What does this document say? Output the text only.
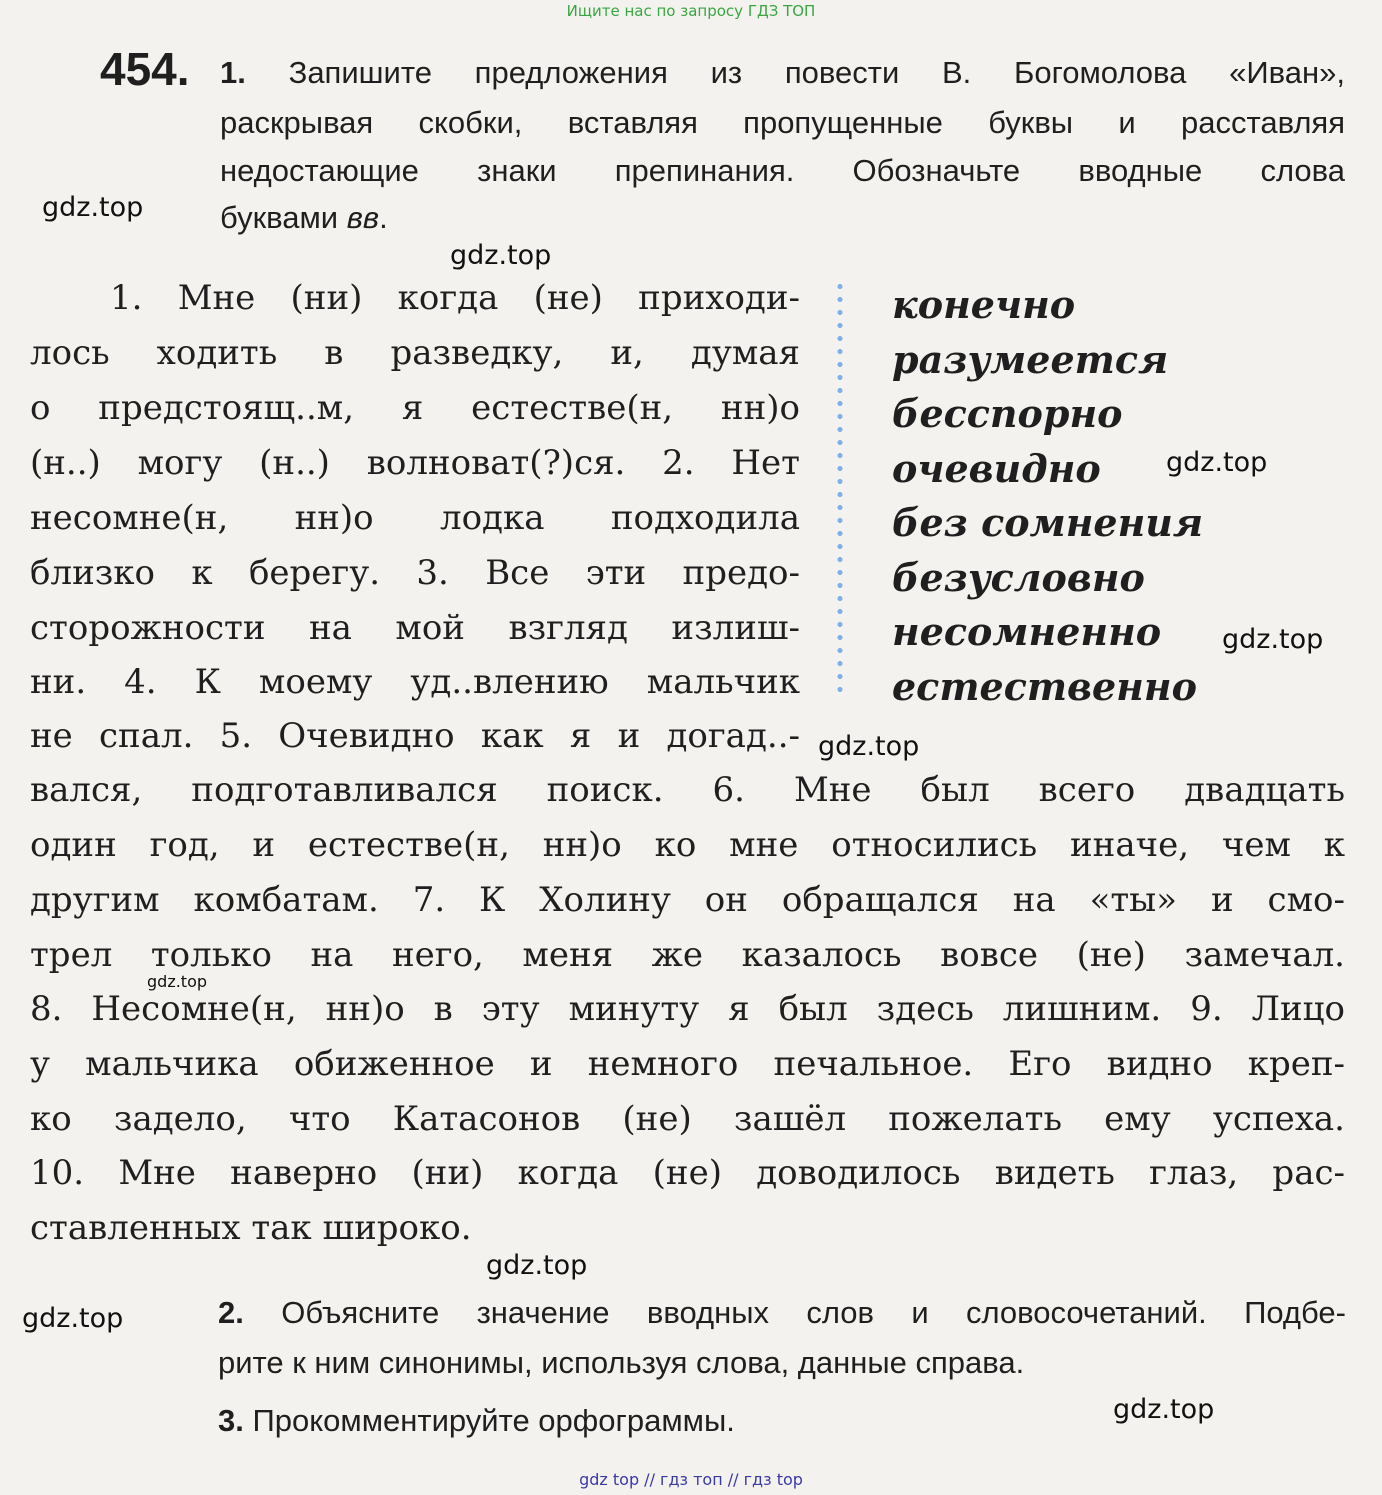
Ищите нас по запросу ГДЗ ТОП
454. 1. Запишите предложения из повести В. Богомолова «Иван»,
раскрывая скобки, вставляя пропущенные буквы и расставляя
недостающие знаки препинания. Обозначьте вводные слова
буквами вв.
1. Мне (ни) когда (не) приходи-
лось ходить в разведку, и, думая
о предстоящ..м, я естестве(н, нн)о
(н..) могу (н..) волноват(?)ся. 2. Нет
несомне(н, нн)о лодка подходила
близко к берегу. 3. Все эти предо-
сторожности на мой взгляд излиш-
ни. 4. К моему уд..влению мальчик
не спал. 5. Очевидно как я и догад..-
вался, подготавливался поиск. 6. Мне был всего двадцать
один год, и естестве(н, нн)о ко мне относились иначе, чем к
другим комбатам. 7. К Холину он обращался на «ты» и смо-
трел только на него, меня же казалось вовсе (не) замечал.
8. Несомне(н, нн)о в эту минуту я был здесь лишним. 9. Лицо
у мальчика обиженное и немного печальное. Его видно креп-
ко задело, что Катасонов (не) зашёл пожелать ему успеха.
10. Мне наверно (ни) когда (не) доводилось видеть глаз, рас-
ставленных так широко.
конечно
разумеется
бесспорно
очевидно
без сомнения
безусловно
несомненно
естественно
2. Объясните значение вводных слов и словосочетаний. Подбе-
рите к ним синонимы, используя слова, данные справа.
3. Прокомментируйте орфограммы.
gdz.top
gdz.top
gdz.top
gdz.top
gdz.top
gdz.top
gdz.top
gdz.top
gdz.top
gdz top // гдз топ // гдз top
